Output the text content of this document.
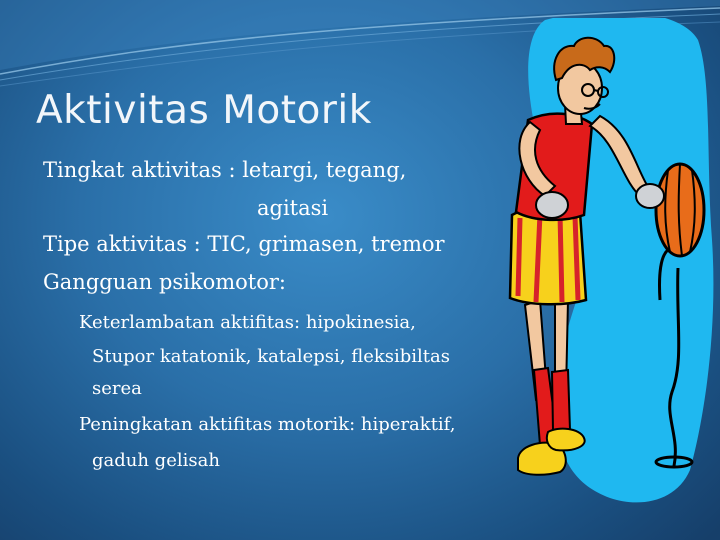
Aktivitas Motorik

Tingkat aktivitas : letargi, tegang,

agitasi

Tipe aktivitas : TIC, grimasen, tremor

Gangguan psikomotor:

Keterlambatan aktifitas: hipokinesia,

Stupor katatonik, katalepsi, fleksibiltas

serea

Peningkatan aktifitas motorik: hiperaktif,

gaduh gelisah
